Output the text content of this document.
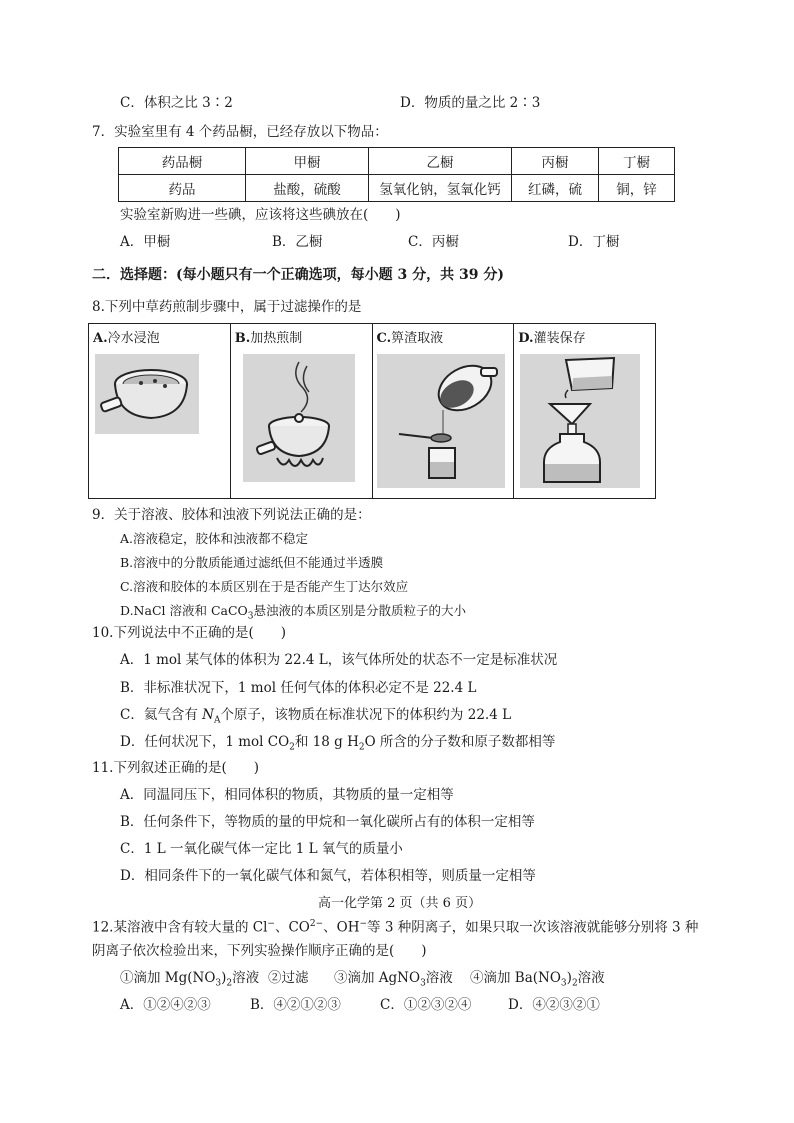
C．体积之比 3∶2	D．物质的量之比 2∶3
7．实验室里有 4 个药品橱，已经存放以下物品：
药品橱	甲橱	乙橱	丙橱	丁橱
药品	盐酸，硫酸	氢氧化钠，氢氧化钙	红磷，硫	铜，锌
实验室新购进一些碘，应该将这些碘放在(　　)
A．甲橱	B．乙橱	C．丙橱	D．丁橱
二．选择题：(每小题只有一个正确选项，每小题 3 分，共 39 分)
8.下列中草药煎制步骤中，属于过滤操作的是
A.冷水浸泡	B.加热煎制	C.箅渣取液	D.灌装保存
9．关于溶液、胶体和浊液下列说法正确的是：
A.溶液稳定，胶体和浊液都不稳定
B.溶液中的分散质能通过滤纸但不能通过半透膜
C.溶液和胶体的本质区别在于是否能产生丁达尔效应
D.NaCl 溶液和 CaCO$_3$悬浊液的本质区别是分散质粒子的大小
10.下列说法中不正确的是(　　)
A．1 mol 某气体的体积为 22.4 L，该气体所处的状态不一定是标准状况
B．非标准状况下，1 mol 任何气体的体积必定不是 22.4 L
C．氦气含有 $N_A$个原子，该物质在标准状况下的体积约为 22.4 L
D．任何状况下，1 mol $CO_2$和 18 g $H_2O$ 所含的分子数和原子数都相等
11.下列叙述正确的是(　　)
A．同温同压下，相同体积的物质，其物质的量一定相等
B．任何条件下，等物质的量的甲烷和一氧化碳所占有的体积一定相等
C．1 L 一氧化碳气体一定比 1 L 氧气的质量小
D．相同条件下的一氧化碳气体和氮气，若体积相等，则质量一定相等
高一化学第 2 页（共 6 页）
12.某溶液中含有较大量的 Cl−、$CO^{2-}$、OH−等 3 种阴离子，如果只取一次该溶液就能够分别将 3 种
阴离子依次检验出来，下列实验操作顺序正确的是(　　)
①滴加 $Mg(NO_3)_2$溶液 ②过滤 ③滴加 AgNO$_3$溶液 ④滴加 $Ba(NO_3)_2$溶液
A．①②④②③	B．④②①②③	C．①②③②④	D．④②③②①
